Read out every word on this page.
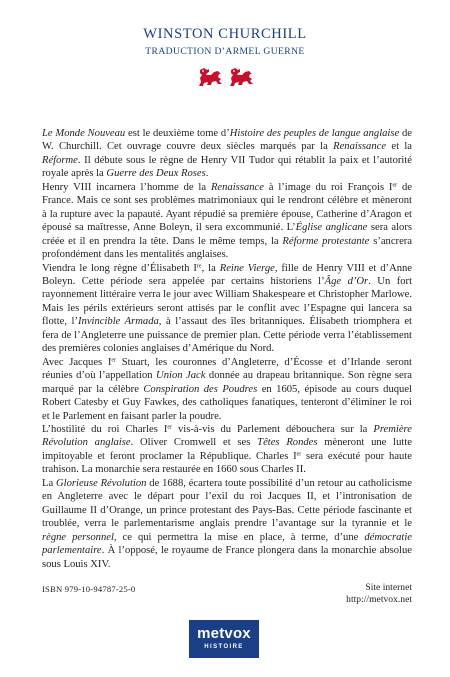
WINSTON CHURCHILL
TRADUCTION D’ARMEL GUERNE

Le Monde Nouveau est le deuxième tome d’Histoire des peuples de langue anglaise de W. Churchill. Cet ouvrage couvre deux siècles marqués par la Renaissance et la Réforme. Il débute sous le règne de Henry VII Tudor qui rétablit la paix et l’autorité royale après la Guerre des Deux Roses.

Henry VIII incarnera l’homme de la Renaissance à l’image du roi François Ier de France. Mais ce sont ses problèmes matrimoniaux qui le rendront célèbre et mèneront à la rupture avec la papauté. Ayant répudié sa première épouse, Catherine d’Aragon et épousé sa maîtresse, Anne Boleyn, il sera excommunié. L’Église anglicane sera alors créée et il en prendra la tête. Dans le même temps, la Réforme protestante s’ancrera profondément dans les mentalités anglaises.

Viendra le long règne d’Élisabeth Ire, la Reine Vierge, fille de Henry VIII et d’Anne Boleyn. Cette période sera appelée par certains historiens l’Âge d’Or. Un fort rayonnement littéraire verra le jour avec William Shakespeare et Christopher Marlowe. Mais les périls extérieurs seront attisés par le conflit avec l’Espagne qui lancera sa flotte, l’Invincible Armada, à l’assaut des îles britanniques. Élisabeth triomphera et fera de l’Angleterre une puissance de premier plan. Cette période verra l’établissement des premières colonies anglaises d’Amérique du Nord.

Avec Jacques Ier Stuart, les couronnes d’Angleterre, d’Écosse et d’Irlande seront réunies d’où l’appellation Union Jack donnée au drapeau britannique. Son règne sera marqué par la célèbre Conspiration des Poudres en 1605, épisode au cours duquel Robert Catesby et Guy Fawkes, des catholiques fanatiques, tenteront d’éliminer le roi et le Parlement en faisant parler la poudre.

L’hostilité du roi Charles Ier vis-à-vis du Parlement débouchera sur la Première Révolution anglaise. Oliver Cromwell et ses Têtes Rondes mèneront une lutte impitoyable et feront proclamer la République. Charles Ier sera exécuté pour haute trahison. La monarchie sera restaurée en 1660 sous Charles II.

La Glorieuse Révolution de 1688, écartera toute possibilité d’un retour au catholicisme en Angleterre avec le départ pour l’exil du roi Jacques II, et l’intronisation de Guillaume II d’Orange, un prince protestant des Pays-Bas. Cette période fascinante et troublée, verra le parlementarisme anglais prendre l’avantage sur la tyrannie et le règne personnel, ce qui permettra la mise en place, à terme, d’une démocratie parlementaire. À l’opposé, le royaume de France plongera dans la monarchie absolue sous Louis XIV.

ISBN 979-10-94787-25-0	Site internet
http://metvox.net
metvox
HISTOIRE
